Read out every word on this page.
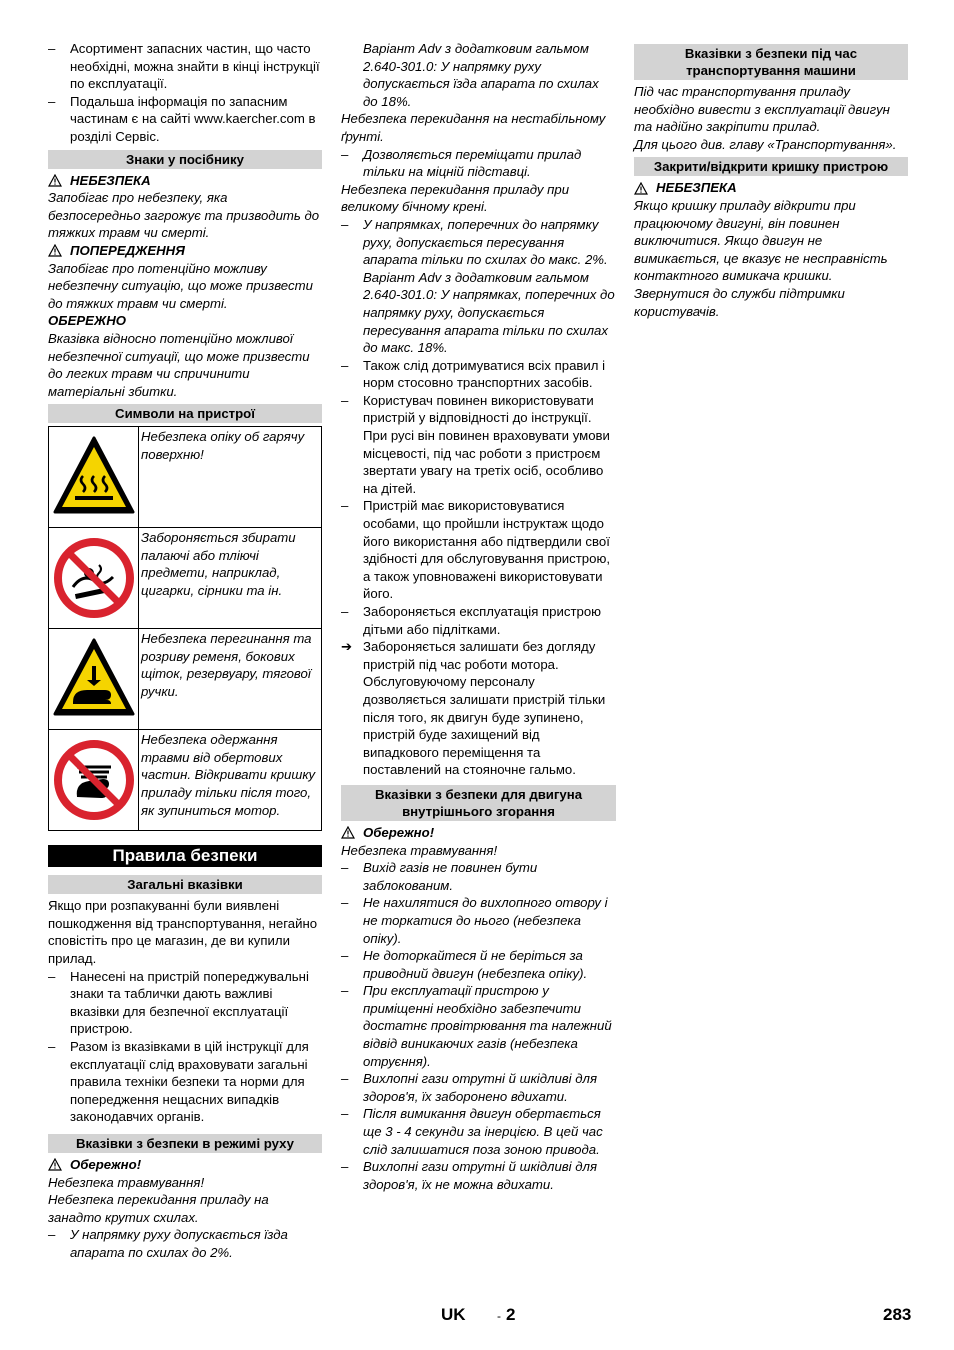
–	Асортимент запасних частин, що часто необхідні, можна знайти в кінці інструкції по експлуатації.
–	Подальша інформація по запасним частинам є на сайті www.kaercher.com в розділі Сервіс.
Знаки у посібнику
НЕБЕЗПЕКА

Запобігає про небезпеку, яка безпосередньо загрожує та призводить до тяжких травм чи смерті.

ПОПЕРЕДЖЕННЯ

Запобігає про потенційно можливу небезпечну ситуацію, що може призвести до тяжких травм чи смерті.

ОБЕРЕЖНО

Вказівка відносно потенційно можливої небезпечної ситуації, що може призвести до легких травм чи спричинити матеріальні збитки.

Символи на пристрої
	Небезпека опіку об гарячу поверхню!

	Забороняється збирати палаючі або тліючі предмети, наприклад, цигарки, сірники та ін.

	Небезпека перегинання та розриву ременя, бокових щіток, резервуару, тягової ручки.

	Небезпека одержання травми від обертових частин. Відкривати кришку приладу тільки після того, як зупиниться мотор.
Правила безпеки
Загальні вказівки

Якщо при розпакуванні були виявлені пошкодження від транспортування, негайно сповістіть про це магазин, де ви купили прилад.

–	Нанесені на пристрій попереджувальні знаки та таблички дають важливі вказівки для безпечної експлуатації пристрою.
–	Разом із вказівками в цій інструкції для експлуатації слід враховувати загальні правила техніки безпеки та норми для попередження нещасних випадків законодавчих органів.
Вказівки з безпеки в режимі руху
Обережно!

Небезпека травмування!

Небезпека перекидання приладу на занадто крутих схилах.

–	У напрямку руху допускається їзда апарата по схилах до 2%.

Варіант Adv з додатковим гальмом 2.640-301.0: У напрямку руху допускається їзда апарата по схилах до 18%.

Небезпека перекидання на нестабільному ґрунті.

–	Дозволяється переміщати прилад тільки на міцній підставці.

Небезпека перекидання приладу при великому бічному крені.

–	У напрямках, поперечних до напрямку руху, допускається пересування апарата тільки по схилах до макс. 2%.

Варіант Adv з додатковим гальмом 2.640-301.0: У напрямках, поперечних до напрямку руху, допускається пересування апарата тільки по схилах до макс. 18%.

–	Також слід дотримуватися всіх правил і норм стосовно транспортних засобів.
–	Користувач повинен використовувати пристрій у відповідності до інструкції. При русі він повинен враховувати умови місцевості, під час роботи з пристроєм звертати увагу на третіх осіб, особливо на дітей.
–	Пристрій має використовуватися особами, що пройшли інструктаж щодо його використання або підтвердили свої здібності для обслуговування пристрою, а також уповноважені використовувати його.
–	Забороняється експлуатація пристрою дітьми або підлітками.
➔ Забороняється залишати без догляду пристрій під час роботи мотора. Обслуговуючому персоналу дозволяється залишати пристрій тільки після того, як двигун буде зупинено, пристрій буде захищений від випадкового переміщення та поставлений на стояночне гальмо.
Вказівки з безпеки для двигуна внутрішнього згорання
Обережно!

Небезпека травмування!

–	Вихід газів не повинен бути заблокованим.
–	Не нахилятися до вихлопного отвору і не торкатися до нього (небезпека опіку).
–	Не доторкайтеся й не беріться за приводний двигун (небезпека опіку).
–	При експлуатації пристрою у приміщенні необхідно забезпечити достатнє провітрювання та належний відвід виникаючих газів (небезпека отруєння).
–	Вихлопні гази отрутні й шкідливі для здоров'я, їх заборонено вдихати.
–	Після вимикання двигун обертається ще 3 - 4 секунди за інерцією. В цей час слід залишатися поза зоною привода.
–	Вихлопні гази отрутні й шкідливі для здоров'я, їх не можна вдихати.
Вказівки з безпеки під час транспортування машини

Під час транспортування приладу необхідно вивести з експлуатації двигун та надійно закріпити прилад.

Для цього див. главу «Транспортування».

Закрити/відкрити кришку пристрою
НЕБЕЗПЕКА

Якщо кришку приладу відкрити при працюючому двигуні, він повинен виключитися. Якщо двигун не вимикається, це вказує не несправність контактного вимикача кришки. Звернутися до служби підтримки користувачів.

UK	- 2	283
